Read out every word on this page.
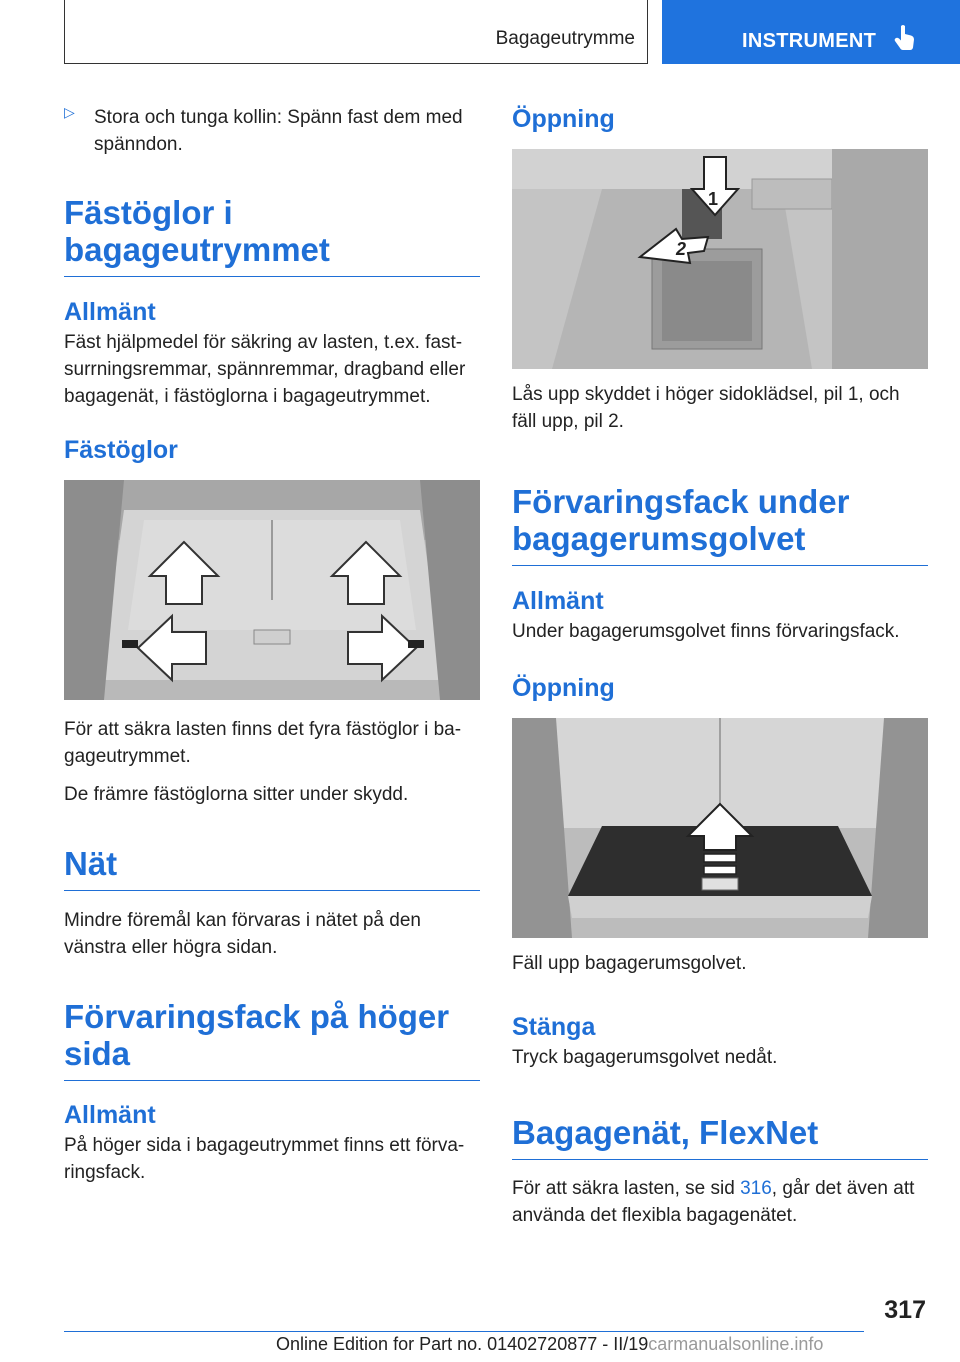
Bagageutrymme	INSTRUMENT
▷	Stora och tunga kollin: Spänn fast dem med spänndon.

Fästöglor i bagageutrymmet
Allmänt

Fäst hjälpmedel för säkring av lasten, t.ex. fast-surrningsremmar, spännremmar, dragband eller bagagenät, i fästöglorna i bagageutrymmet.

Fästöglor

För att säkra lasten finns det fyra fästöglor i ba-gageutrymmet.

De främre fästöglorna sitter under skydd.

Nät

Mindre föremål kan förvaras i nätet på den vänstra eller högra sidan.

Förvaringsfack på höger sida
Allmänt

På höger sida i bagageutrymmet finns ett förva-ringsfack.

Öppning
1
2

Lås upp skyddet i höger sidoklädsel, pil 1, och fäll upp, pil 2.

Förvaringsfack under bagagerumsgolvet
Allmänt

Under bagagerumsgolvet finns förvaringsfack.

Öppning

Fäll upp bagagerumsgolvet.

Stänga

Tryck bagagerumsgolvet nedåt.

Bagagenät, FlexNet

För att säkra lasten, se sid 316, går det även att använda det flexibla bagagenätet.

317
Online Edition for Part no. 01402720877 - II/19carmanualsonline.info
